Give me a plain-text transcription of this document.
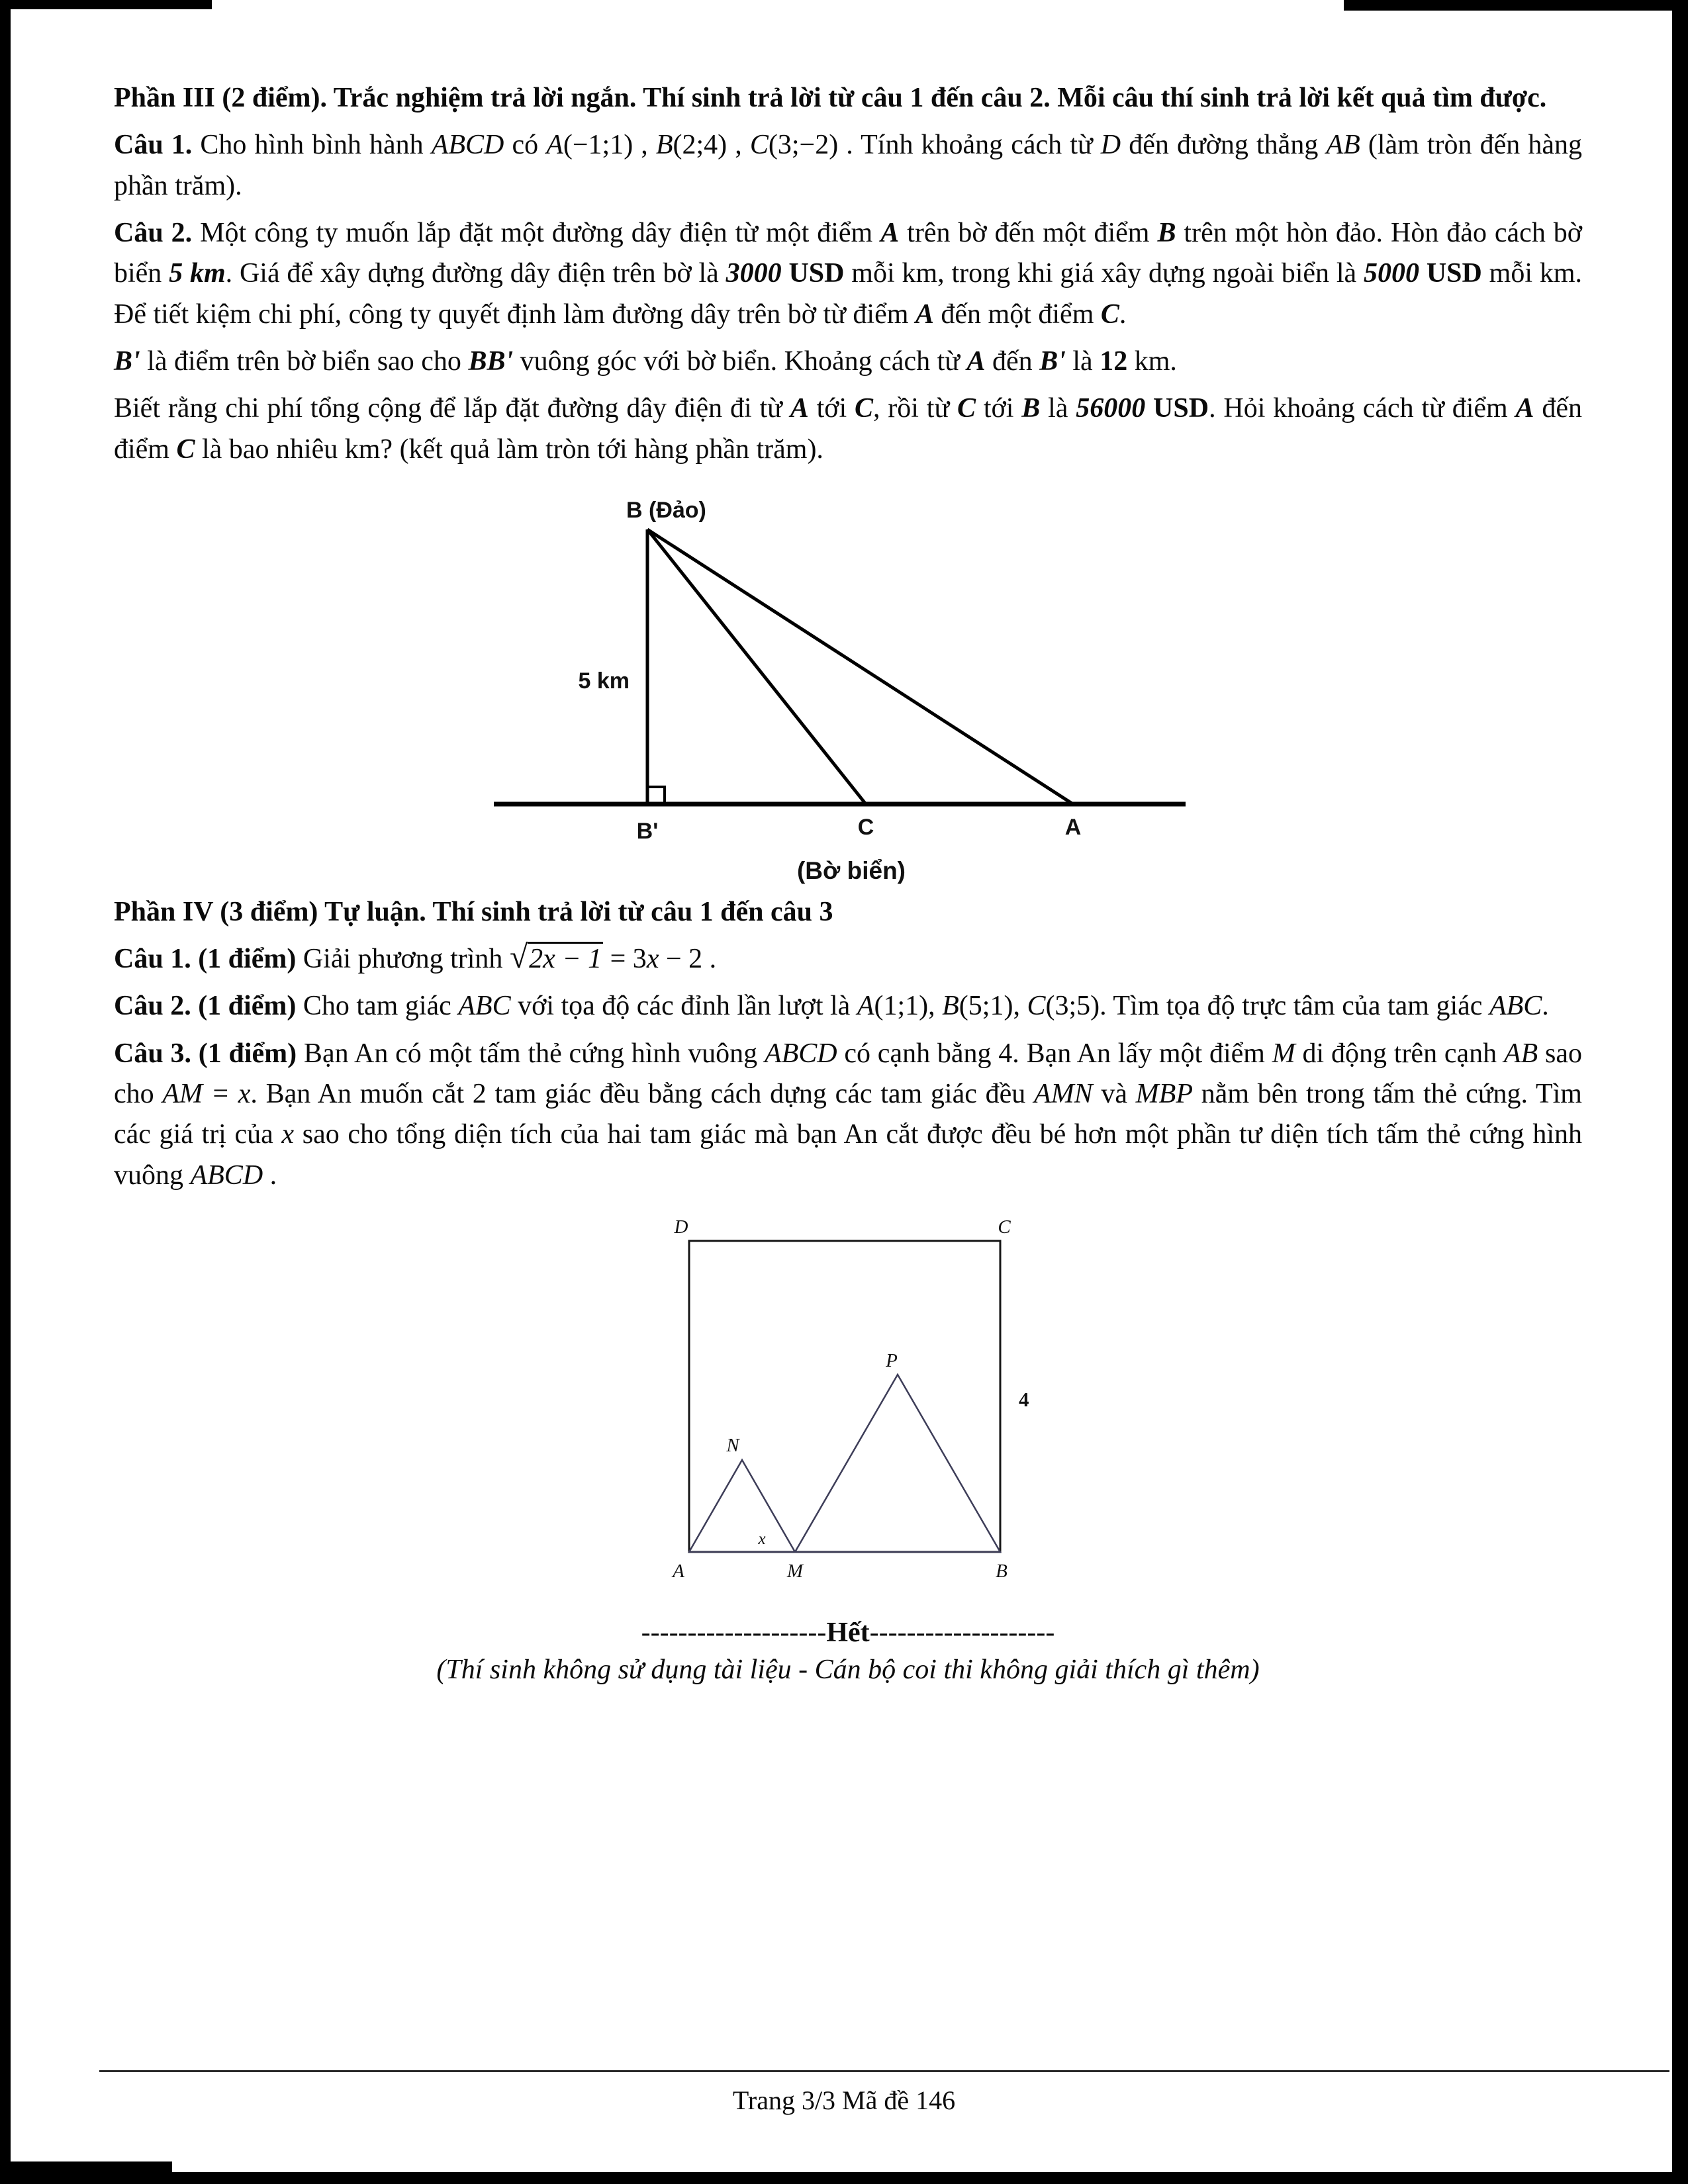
Phần III (2 điểm). Trắc nghiệm trả lời ngắn. Thí sinh trả lời từ câu 1 đến câu 2. Mỗi câu thí sinh trả lời kết quả tìm được.

Câu 1. Cho hình bình hành ABCD có A(−1;1) , B(2;4) , C(3;−2) . Tính khoảng cách từ D đến đường thẳng AB (làm tròn đến hàng phần trăm).

Câu 2. Một công ty muốn lắp đặt một đường dây điện từ một điểm A trên bờ đến một điểm B trên một hòn đảo. Hòn đảo cách bờ biển 5 km. Giá để xây dựng đường dây điện trên bờ là 3000 USD mỗi km, trong khi giá xây dựng ngoài biển là 5000 USD mỗi km. Để tiết kiệm chi phí, công ty quyết định làm đường dây trên bờ từ điểm A đến một điểm C.

B' là điểm trên bờ biển sao cho BB' vuông góc với bờ biển. Khoảng cách từ A đến B' là 12 km.

Biết rằng chi phí tổng cộng để lắp đặt đường dây điện đi từ A tới C, rồi từ C tới B là 56000 USD. Hỏi khoảng cách từ điểm A đến điểm C là bao nhiêu km? (kết quả làm tròn tới hàng phần trăm).

B (Đảo)
5 km
B'	C	A
(Bờ biển)

Phần IV (3 điểm) Tự luận. Thí sinh trả lời từ câu 1 đến câu 3

Câu 1. (1 điểm) Giải phương trình √2x − 1 = 3x − 2 .

Câu 2. (1 điểm) Cho tam giác ABC với tọa độ các đỉnh lần lượt là A(1;1), B(5;1), C(3;5). Tìm tọa độ trực tâm của tam giác ABC.

Câu 3. (1 điểm) Bạn An có một tấm thẻ cứng hình vuông ABCD có cạnh bằng 4. Bạn An lấy một điểm M di động trên cạnh AB sao cho AM = x. Bạn An muốn cắt 2 tam giác đều bằng cách dựng các tam giác đều AMN và MBP nằm bên trong tấm thẻ cứng. Tìm các giá trị của x sao cho tổng diện tích của hai tam giác mà bạn An cắt được đều bé hơn một phần tư diện tích tấm thẻ cứng hình vuông ABCD .

D	C
A	M	B
N
P
x
4

--------------------Hết--------------------

(Thí sinh không sử dụng tài liệu - Cán bộ coi thi không giải thích gì thêm)

Trang 3/3 Mã đề 146
